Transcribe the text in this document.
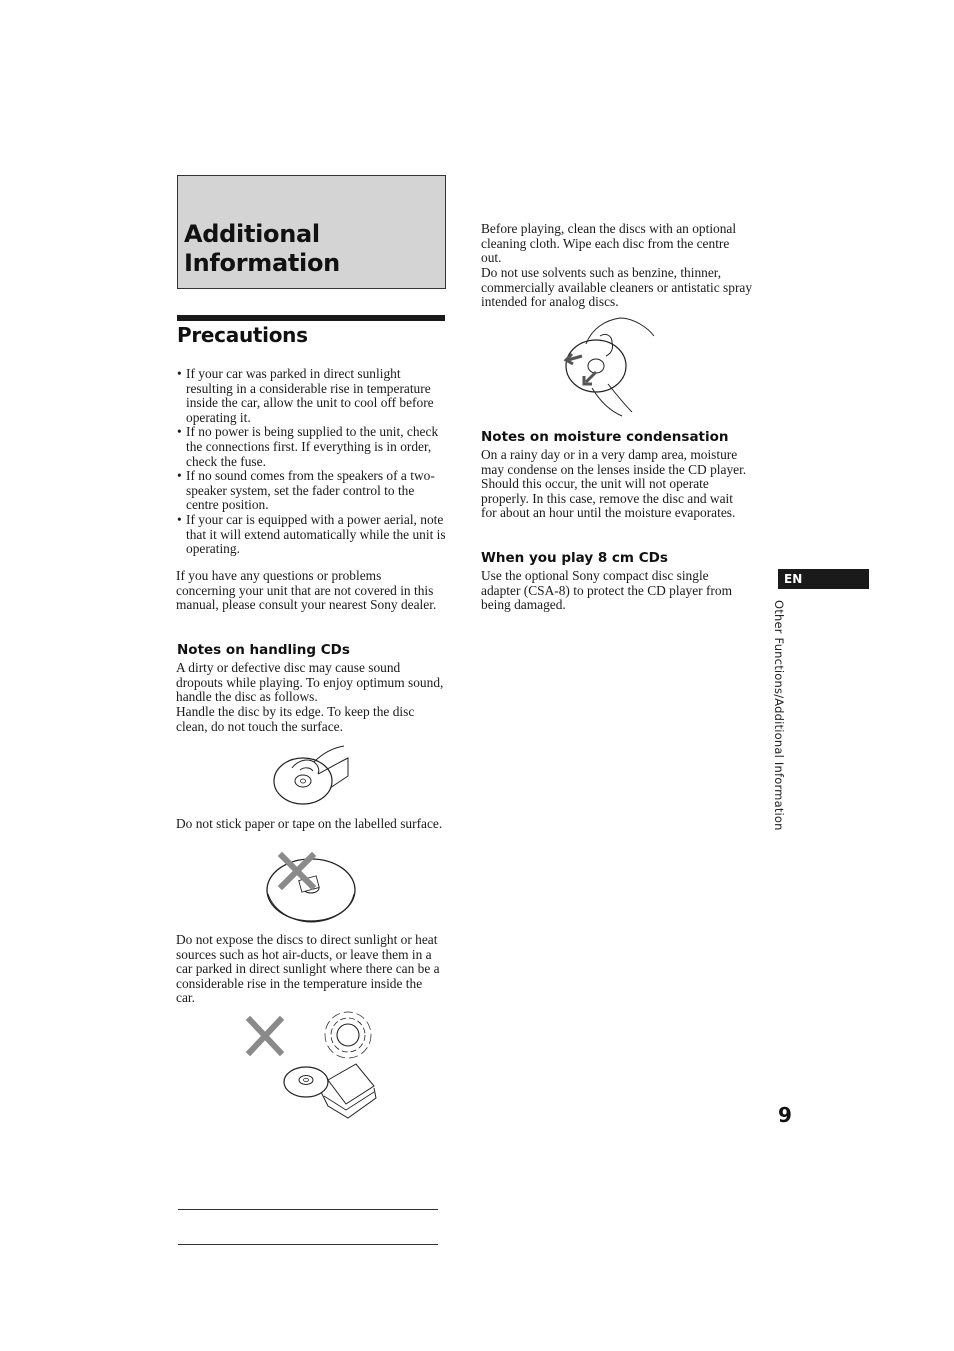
Additional
Information
Precautions
• If your car was parked in direct sunlight resulting in a considerable rise in temperature inside the car, allow the unit to cool off before operating it.
• If no power is being supplied to the unit, check the connections first. If everything is in order, check the fuse.
• If no sound comes from the speakers of a two-speaker system, set the fader control to the centre position.
• If your car is equipped with a power aerial, note that it will extend automatically while the unit is operating.

If you have any questions or problems concerning your unit that are not covered in this manual, please consult your nearest Sony dealer.

Notes on handling CDs

A dirty or defective disc may cause sound dropouts while playing. To enjoy optimum sound, handle the disc as follows.

Handle the disc by its edge. To keep the disc clean, do not touch the surface.

Do not stick paper or tape on the labelled surface.

Do not expose the discs to direct sunlight or heat sources such as hot air-ducts, or leave them in a car parked in direct sunlight where there can be a considerable rise in the temperature inside the car.

Before playing, clean the discs with an optional cleaning cloth. Wipe each disc from the centre out.

Do not use solvents such as benzine, thinner, commercially available cleaners or antistatic spray intended for analog discs.

Notes on moisture condensation

On a rainy day or in a very damp area, moisture may condense on the lenses inside the CD player. Should this occur, the unit will not operate properly. In this case, remove the disc and wait for about an hour until the moisture evaporates.

When you play 8 cm CDs

Use the optional Sony compact disc single adapter (CSA-8) to protect the CD player from being damaged.

EN
Other Functions/Additional Information
9
